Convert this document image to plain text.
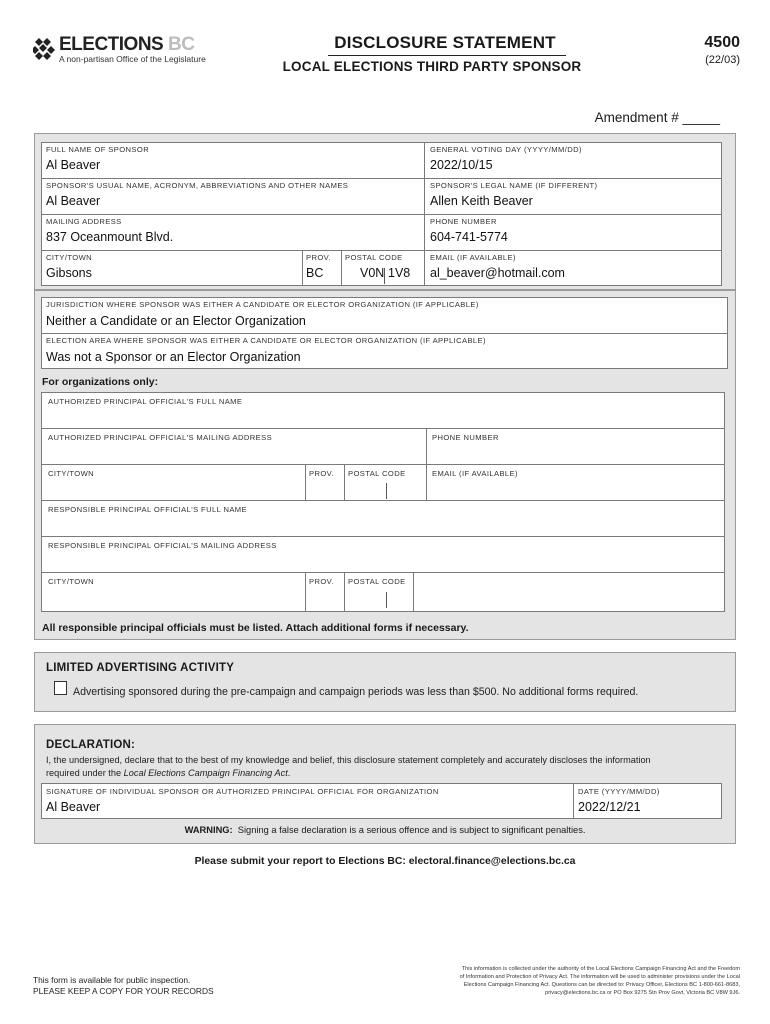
ELECTIONS BC
A non-partisan Office of the Legislature
DISCLOSURE STATEMENT
LOCAL ELECTIONS THIRD PARTY SPONSOR
4500
(22/03)
Amendment # _____
FULL NAME OF SPONSOR
Al Beaver
GENERAL VOTING DAY (YYYY/MM/DD)
2022/10/15
SPONSOR'S USUAL NAME, ACRONYM, ABBREVIATIONS AND OTHER NAMES
Al Beaver
SPONSOR'S LEGAL NAME (IF DIFFERENT)
Allen Keith Beaver
MAILING ADDRESS
837 Oceanmount Blvd.
PHONE NUMBER
604-741-5774
CITY/TOWN
Gibsons
PROV.
BC
POSTAL CODE
V0N 1V8
EMAIL (IF AVAILABLE)
al_beaver@hotmail.com
JURISDICTION WHERE SPONSOR WAS EITHER A CANDIDATE OR ELECTOR ORGANIZATION (IF APPLICABLE)
Neither a Candidate or an Elector Organization
ELECTION AREA WHERE SPONSOR WAS EITHER A CANDIDATE OR ELECTOR ORGANIZATION (IF APPLICABLE)
Was not a Sponsor or an Elector Organization
For organizations only:
AUTHORIZED PRINCIPAL OFFICIAL'S FULL NAME
AUTHORIZED PRINCIPAL OFFICIAL'S MAILING ADDRESS	PHONE NUMBER
CITY/TOWN	PROV. POSTAL CODE	EMAIL (IF AVAILABLE)
RESPONSIBLE PRINCIPAL OFFICIAL'S FULL NAME
RESPONSIBLE PRINCIPAL OFFICIAL'S MAILING ADDRESS
CITY/TOWN	PROV. POSTAL CODE
All responsible principal officials must be listed. Attach additional forms if necessary.
LIMITED ADVERTISING ACTIVITY
Advertising sponsored during the pre-campaign and campaign periods was less than $500. No additional forms required.
DECLARATION:
I, the undersigned, declare that to the best of my knowledge and belief, this disclosure statement completely and accurately discloses the information
required under the Local Elections Campaign Financing Act.
SIGNATURE OF INDIVIDUAL SPONSOR OR AUTHORIZED PRINCIPAL OFFICIAL FOR ORGANIZATION
Al Beaver
DATE (YYYY/MM/DD)
2022/12/21
WARNING: Signing a false declaration is a serious offence and is subject to significant penalties.
Please submit your report to Elections BC: electoral.finance@elections.bc.ca
This form is available for public inspection.
PLEASE KEEP A COPY FOR YOUR RECORDS
This information is collected under the authority of the Local Elections Campaign Financing Act and the Freedom
of Information and Protection of Privacy Act. The information will be used to administer provisions under the Local
Elections Campaign Financing Act. Questions can be directed to: Privacy Officer, Elections BC 1-800-661-8683,
privacy@elections.bc.ca or PO Box 9275 Stn Prov Govt, Victoria BC V8W 9J6.
